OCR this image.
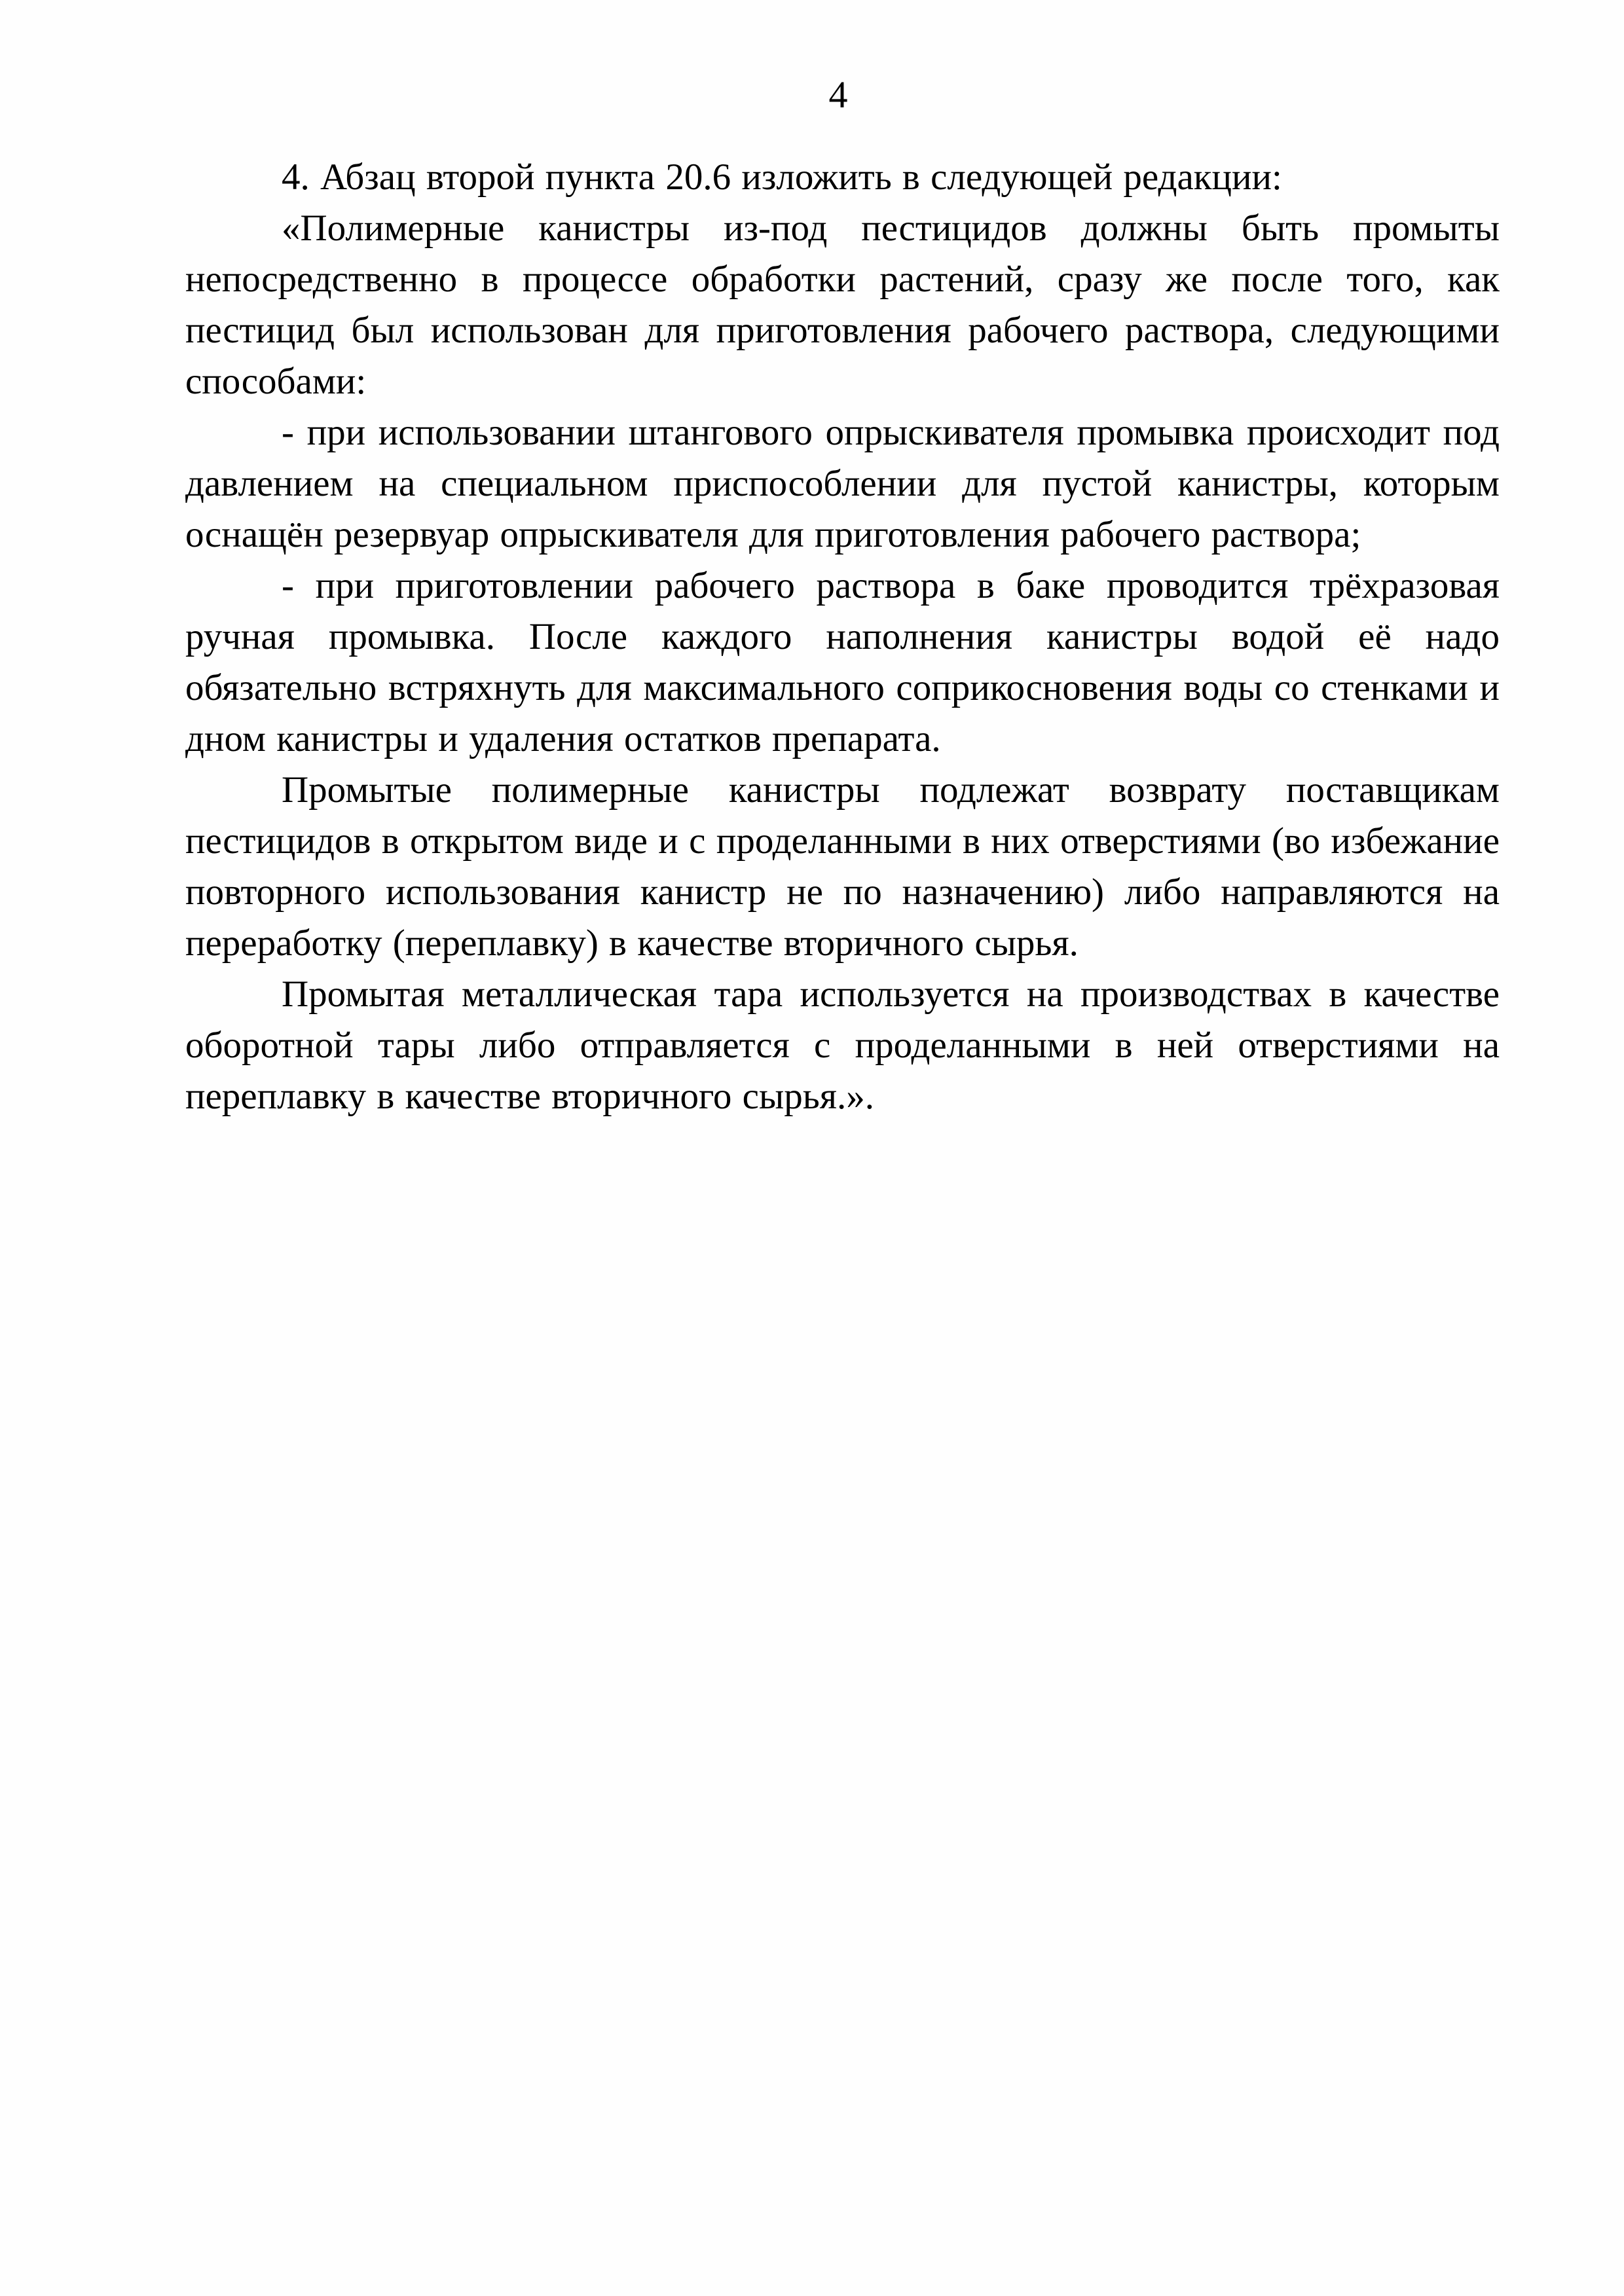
4

4. Абзац второй пункта 20.6 изложить в следующей редакции:

«Полимерные канистры из-под пестицидов должны быть промыты непосредственно в процессе обработки растений, сразу же после того, как пестицид был использован для приготовления рабочего раствора, следующими способами:

- при использовании штангового опрыскивателя промывка происходит под давлением на специальном приспособлении для пустой канистры, которым оснащён резервуар опрыскивателя для приготовления рабочего раствора;

- при приготовлении рабочего раствора в баке проводится трёхразовая ручная промывка. После каждого наполнения канистры водой её надо обязательно встряхнуть для максимального соприкосновения воды со стенками и дном канистры и удаления остатков препарата.

Промытые полимерные канистры подлежат возврату поставщикам пестицидов в открытом виде и с проделанными в них отверстиями (во избежание повторного использования канистр не по назначению) либо направляются на переработку (переплавку) в качестве вторичного сырья.

Промытая металлическая тара используется на производствах в качестве оборотной тары либо отправляется с проделанными в ней отверстиями на переплавку в качестве вторичного сырья.».
